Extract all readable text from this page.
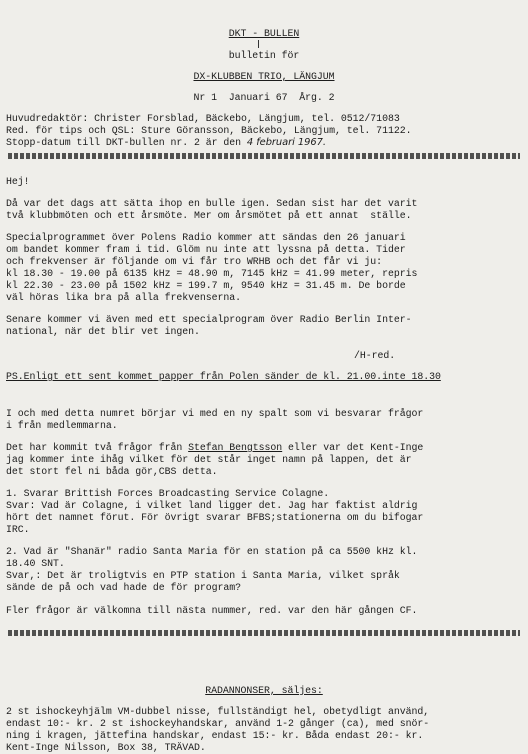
DKT - BULLEN

bulletin för

DX-KLUBBEN TRIO, LÄNGJUM

Nr 1  Januari 67  Årg. 2

Huvudredaktör: Christer Forsblad, Bäckebo, Längjum, tel. 0512/71083

Red. för tips och QSL: Sture Göransson, Bäckebo, Längjum, tel. 71122.

Stopp-datum till DKT-bullen nr. 2 är den 4 februari 1967.

Hej!

Då var det dags att sätta ihop en bulle igen. Sedan sist har det varit

två klubbmöten och ett årsmöte. Mer om årsmötet på ett annat  ställe.

Specialprogrammet över Polens Radio kommer att sändas den 26 januari

om bandet kommer fram i tid. Glöm nu inte att lyssna på detta. Tider

och frekvenser är följande om vi får tro WRHB och det får vi ju:

kl 18.30 - 19.00 på 6135 kHz = 48.90 m, 7145 kHz = 41.99 meter, repris

kl 22.30 - 23.00 på 1502 kHz = 199.7 m, 9540 kHz = 31.45 m. De borde

väl höras lika bra på alla frekvenserna.

Senare kommer vi även med ett specialprogram över Radio Berlin Inter-

national, när det blir vet ingen.

/H-red.

PS.Enligt ett sent kommet papper från Polen sänder de kl. 21.00.inte 18.30

I och med detta numret börjar vi med en ny spalt som vi besvarar frågor

i från medlemmarna.

Det har kommit två frågor från Stefan Bengtsson eller var det Kent-Inge

jag kommer inte ihåg vilket för det står inget namn på lappen, det är

det stort fel ni båda gör,CBS detta.

1. Svarar Brittish Forces Broadcasting Service Colagne.

Svar: Vad är Colagne, i vilket land ligger det. Jag har faktist aldrig

hört det namnet förut. För övrigt svarar BFBS;stationerna om du bifogar

IRC.

2. Vad är "Shanär" radio Santa Maria för en station på ca 5500 kHz kl.

18.40 SNT.

Svar,: Det är troligtvis en PTP station i Santa Maria, vilket språk

sände de på och vad hade de för program?

Fler frågor är välkomna till nästa nummer, red. var den här gången CF.

RADANNONSER, säljes:

2 st ishockeyhjälm VM-dubbel nisse, fullständigt hel, obetydligt använd,

endast 10:- kr. 2 st ishockeyhandskar, använd 1-2 gånger (ca), med snör-

ning i kragen, jättefina handskar, endast 15:- kr. Båda endast 20:- kr.

Kent-Inge Nilsson, Box 38, TRÄVAD.
